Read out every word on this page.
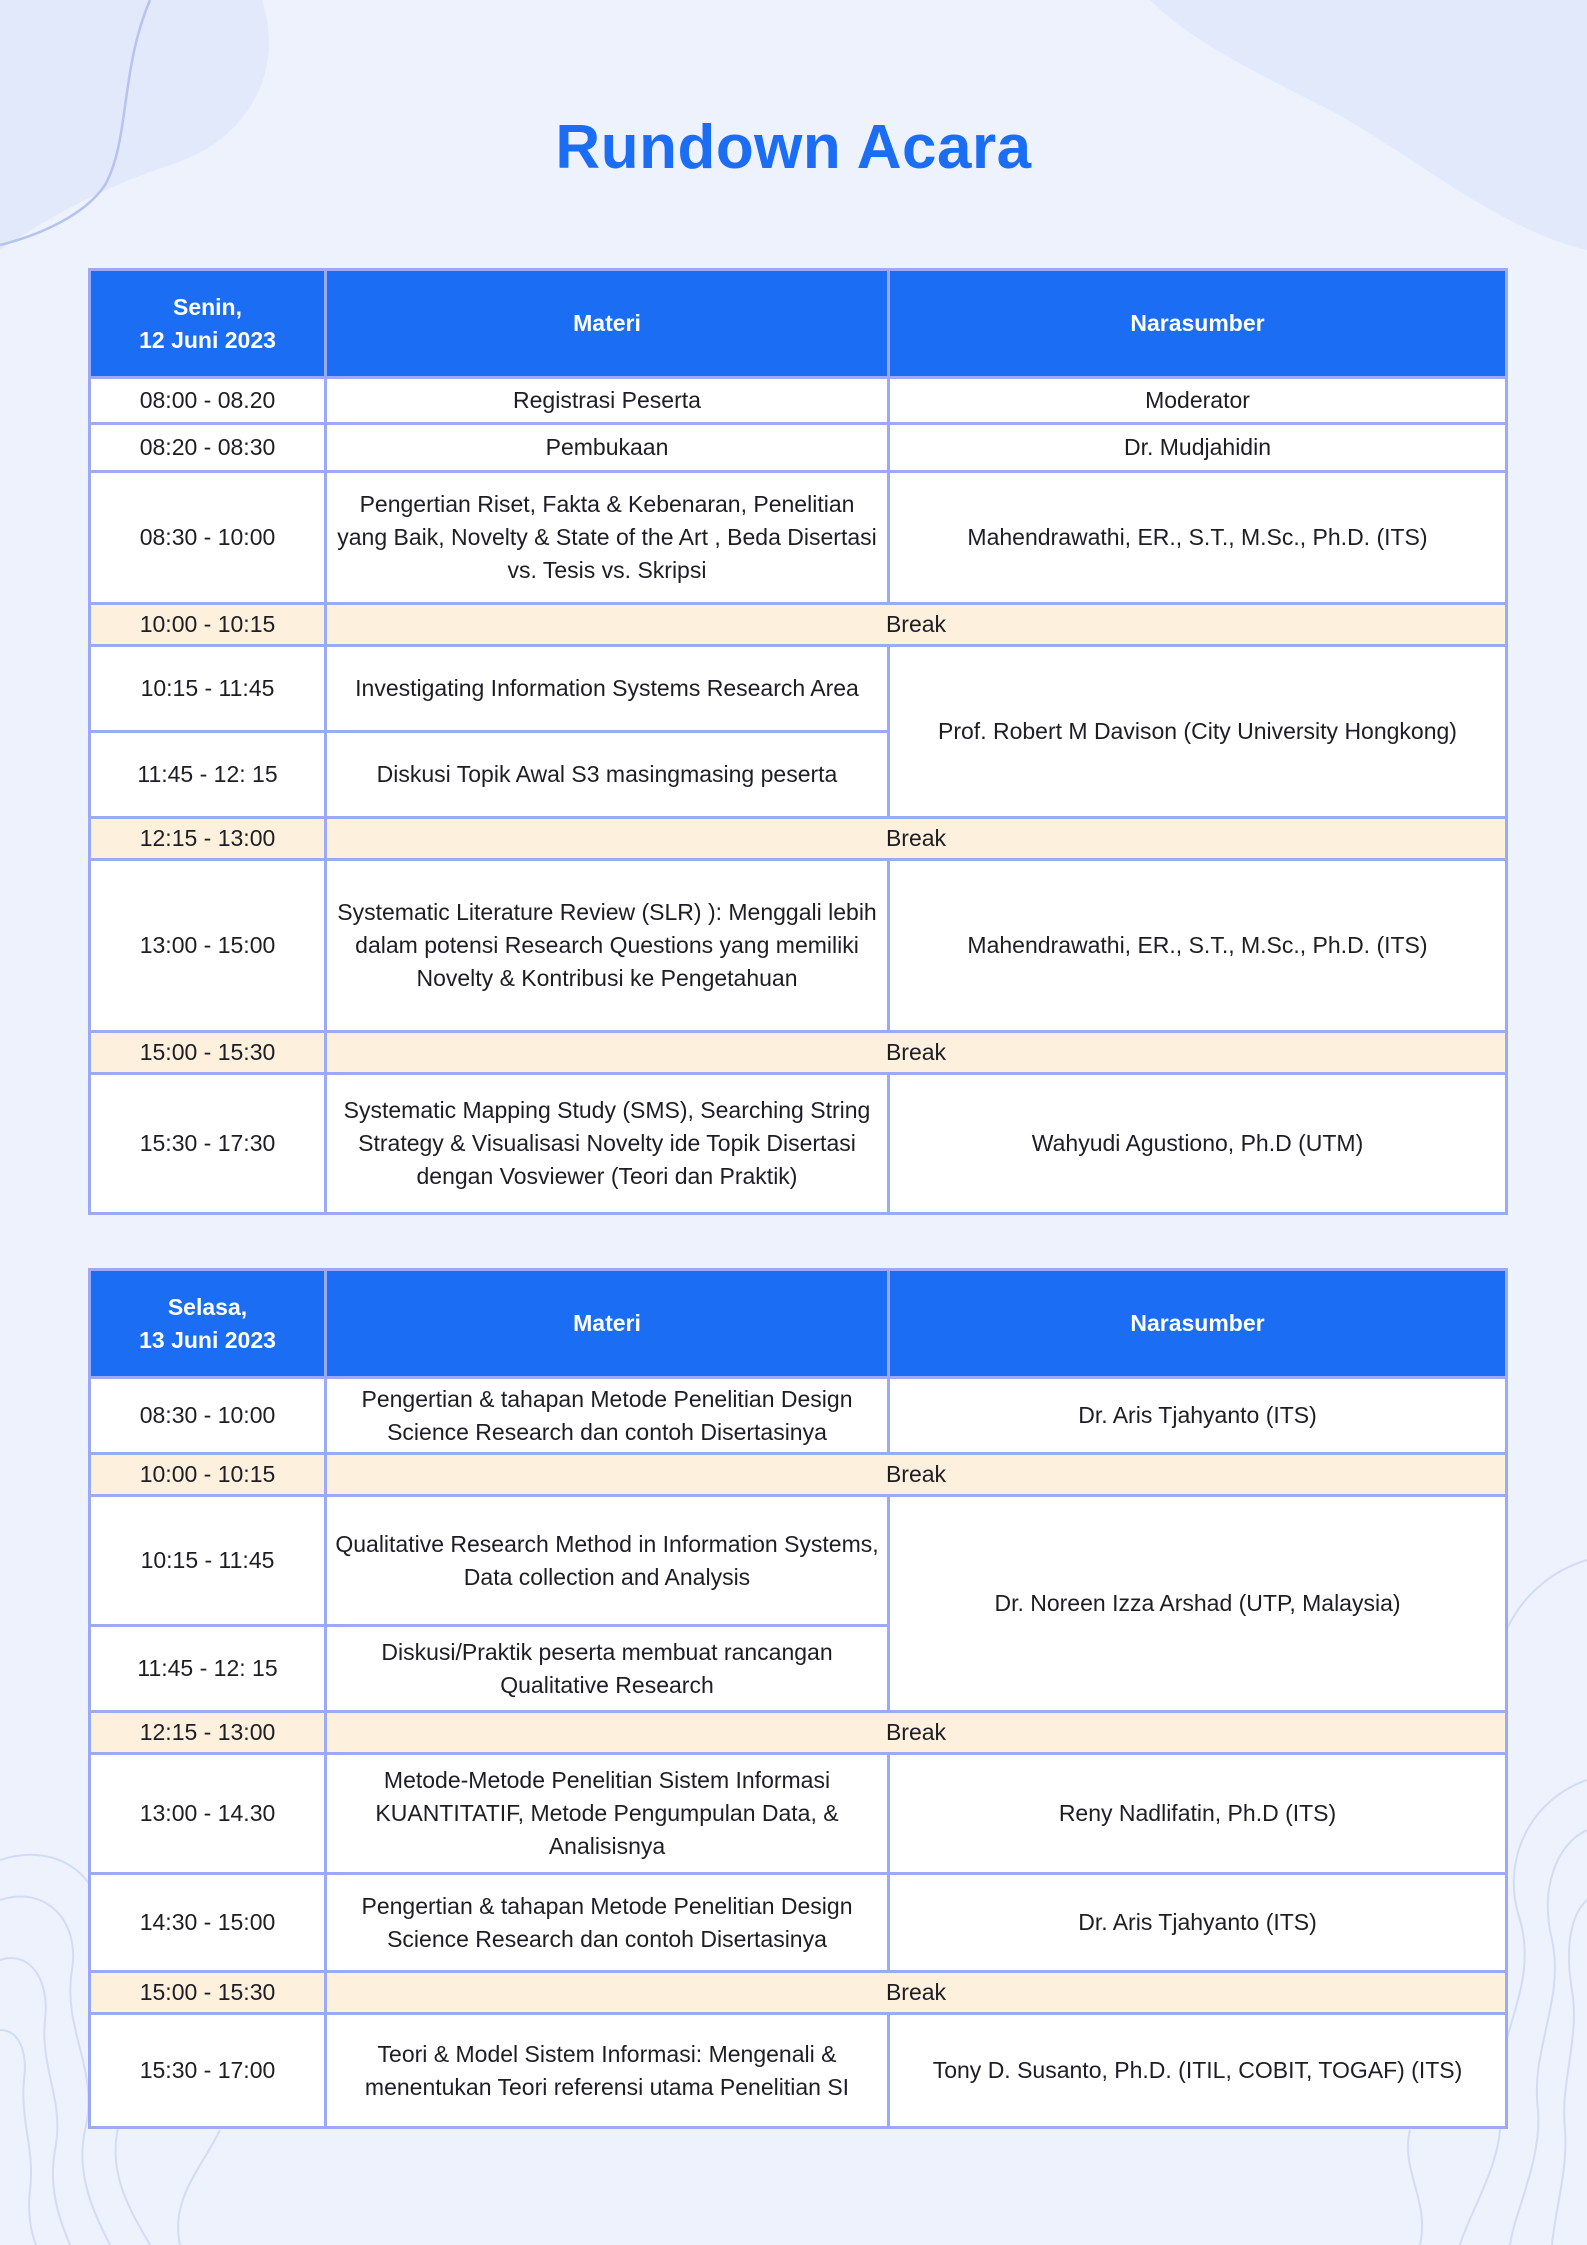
Rundown Acara
Senin,
12 Juni 2023	Materi	Narasumber
08:00 - 08.20	Registrasi Peserta	Moderator
08:20 - 08:30	Pembukaan	Dr. Mudjahidin
08:30 - 10:00	Pengertian Riset, Fakta & Kebenaran, Penelitian yang Baik, Novelty & State of the Art , Beda Disertasi vs. Tesis vs. Skripsi	Mahendrawathi, ER., S.T., M.Sc., Ph.D. (ITS)
10:00 - 10:15	Break	
10:15 - 11:45	Investigating Information Systems Research Area	Prof. Robert M Davison (City University Hongkong)
11:45 - 12: 15	Diskusi Topik Awal S3 masingmasing peserta	
12:15 - 13:00	Break	
13:00 - 15:00	Systematic Literature Review (SLR) ): Menggali lebih dalam potensi Research Questions yang memiliki Novelty & Kontribusi ke Pengetahuan	Mahendrawathi, ER., S.T., M.Sc., Ph.D. (ITS)
15:00 - 15:30	Break	
15:30 - 17:30	Systematic Mapping Study (SMS), Searching String Strategy & Visualisasi Novelty ide Topik Disertasi dengan Vosviewer (Teori dan Praktik)	Wahyudi Agustiono, Ph.D (UTM)
Selasa,
13 Juni 2023	Materi	Narasumber
08:30 - 10:00	Pengertian & tahapan Metode Penelitian Design Science Research dan contoh Disertasinya	Dr. Aris Tjahyanto (ITS)
10:00 - 10:15	Break	
10:15 - 11:45	Qualitative Research Method in Information Systems, Data collection and Analysis	Dr. Noreen Izza Arshad (UTP, Malaysia)
11:45 - 12: 15	Diskusi/Praktik peserta membuat rancangan Qualitative Research	
12:15 - 13:00	Break	
13:00 - 14.30	Metode-Metode Penelitian Sistem Informasi KUANTITATIF, Metode Pengumpulan Data, & Analisisnya	Reny Nadlifatin, Ph.D (ITS)
14:30 - 15:00	Pengertian & tahapan Metode Penelitian Design Science Research dan contoh Disertasinya	Dr. Aris Tjahyanto (ITS)
15:00 - 15:30	Break	
15:30 - 17:00	Teori & Model Sistem Informasi: Mengenali & menentukan Teori referensi utama Penelitian SI	Tony D. Susanto, Ph.D. (ITIL, COBIT, TOGAF) (ITS)
